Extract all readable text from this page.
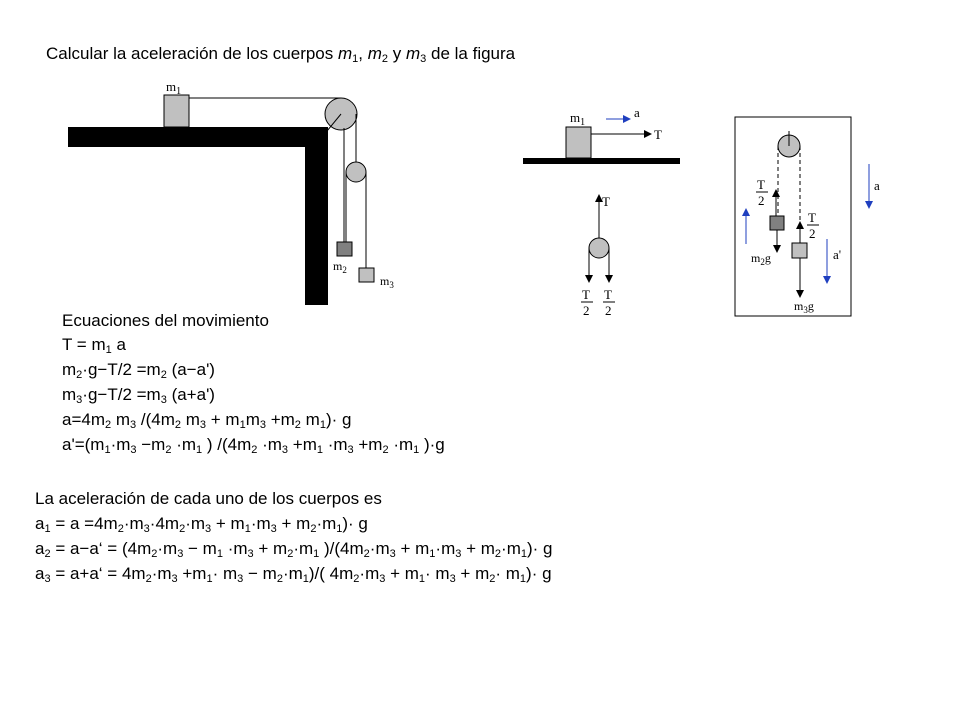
Calcular la aceleración de los cuerpos $m_1$, $m_2$ y $m_3$ de la figura
$m_1$
$m_2$
$m_3$
$m_1$
a
T
T
T
2
T
2
a
T
2
$m_2g$
T
2
$m_3g$
a'
Ecuaciones del movimiento
$T = m_1$ a
$m_2\cdot g-T/2 =m_2$ (a−a')
$m_3\cdot g-T/2 =m_3$ (a+a')
$a=4m_2$ $m_3$ $/(4m_2$ $m_3 + m_1m_3 +m_2$ $m_1)\cdot g$
$a'=(m_1\cdot m_3 -m_2 \cdot m_1$ ) $/(4m_2 \cdot m_3 +m_1 \cdot m_3 +m_2 \cdot m_1$ )·g
La aceleración de cada uno de los cuerpos es
$a_1 = a =4m_2\cdot m_3\cdot 4m_2\cdot m_3 + m_1\cdot m_3 + m_2\cdot m_1)\cdot g$
$a_2$ = a−a‘ = ($4m_2\cdot m_3 - m_1 \cdot m_3 + m_2\cdot m_1$ )$/(4m_2\cdot m_3 + m_1\cdot m_3 + m_2\cdot m_1)\cdot g$
$a_3$ = a+a‘ = $4m_2\cdot m_3 +m_1\cdot m_3 - m_2\cdot m_1)/$( $4m_2\cdot m_3 + m_1\cdot m_3 + m_2\cdot m_1)\cdot g$
